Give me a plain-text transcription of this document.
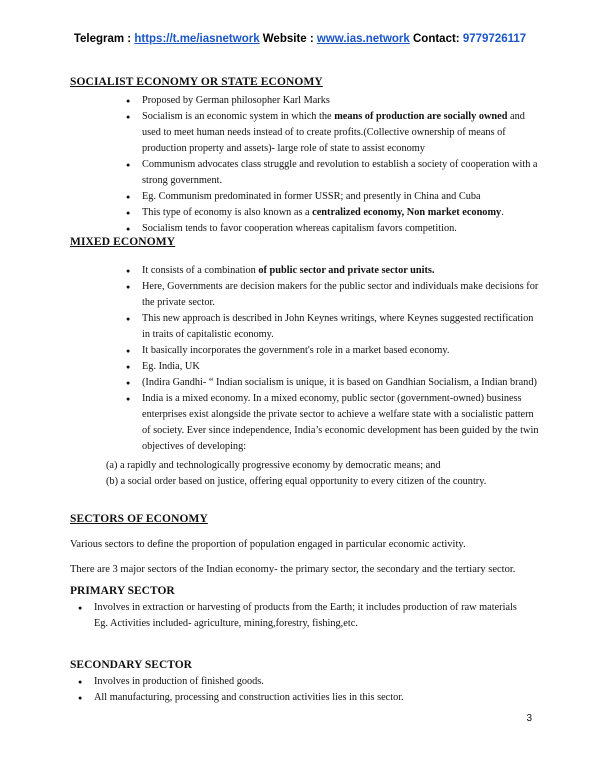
Telegram : https://t.me/iasnetwork Website : www.ias.network Contact: 9779726117
SOCIALIST ECONOMY OR STATE ECONOMY
● Proposed by German philosopher Karl Marks
● Socialism is an economic system in which the means of production are socially owned and used to meet human needs instead of to create profits.(Collective ownership of means of production property and assets)- large role of state to assist economy
● Communism advocates class struggle and revolution to establish a society of cooperation with a strong government.
● Eg. Communism predominated in former USSR; and presently in China and Cuba
● This type of economy is also known as a centralized economy, Non market economy.
● Socialism tends to favor cooperation whereas capitalism favors competition.
MIXED ECONOMY
● It consists of a combination of public sector and private sector units.
● Here, Governments are decision makers for the public sector and individuals make decisions for the private sector.
● This new approach is described in John Keynes writings, where Keynes suggested rectification in traits of capitalistic economy.
● It basically incorporates the government's role in a market based economy.
● Eg. India, UK
● (Indira Gandhi- “ Indian socialism is unique, it is based on Gandhian Socialism, a Indian brand)
● India is a mixed economy. In a mixed economy, public sector (government-owned) business enterprises exist alongside the private sector to achieve a welfare state with a socialistic pattern of society. Ever since independence, India’s economic development has been guided by the twin objectives of developing:
(a) a rapidly and technologically progressive economy by democratic means; and
(b) a social order based on justice, offering equal opportunity to every citizen of the country.
SECTORS OF ECONOMY
Various sectors to define the proportion of population engaged in particular economic activity.
There are 3 major sectors of the Indian economy- the primary sector, the secondary and the tertiary sector.
PRIMARY SECTOR
● Involves in extraction or harvesting of products from the Earth; it includes production of raw materials
Eg. Activities included- agriculture, mining,forestry, fishing,etc.
SECONDARY SECTOR
● Involves in production of finished goods.
● All manufacturing, processing and construction activities lies in this sector.
3
